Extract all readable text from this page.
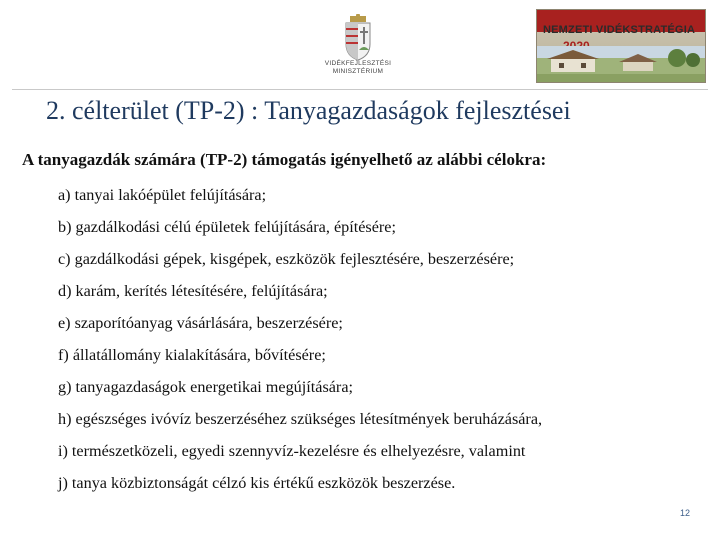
VIDÉKFEJLESZTÉSI
MINISZTÉRIUM
NEMZETI VIDÉKSTRATÉGIA
2. célterület (TP-2) : Tanyagazdaságok fejlesztései
A tanyagazdák számára (TP-2) támogatás igényelhető az alábbi célokra:
a) tanyai lakóépület felújítására;
b) gazdálkodási célú épületek felújítására, építésére;
c) gazdálkodási gépek, kisgépek, eszközök fejlesztésére, beszerzésére;
d) karám, kerítés létesítésére, felújítására;
e) szaporítóanyag vásárlására, beszerzésére;
f) állatállomány kialakítására, bővítésére;
g) tanyagazdaságok energetikai megújítására;
h) egészséges ivóvíz beszerzéséhez szükséges létesítmények beruházására,
i) természetközeli, egyedi szennyvíz-kezelésre és elhelyezésre, valamint
j) tanya közbiztonságát célzó kis értékű eszközök beszerzése.
12
